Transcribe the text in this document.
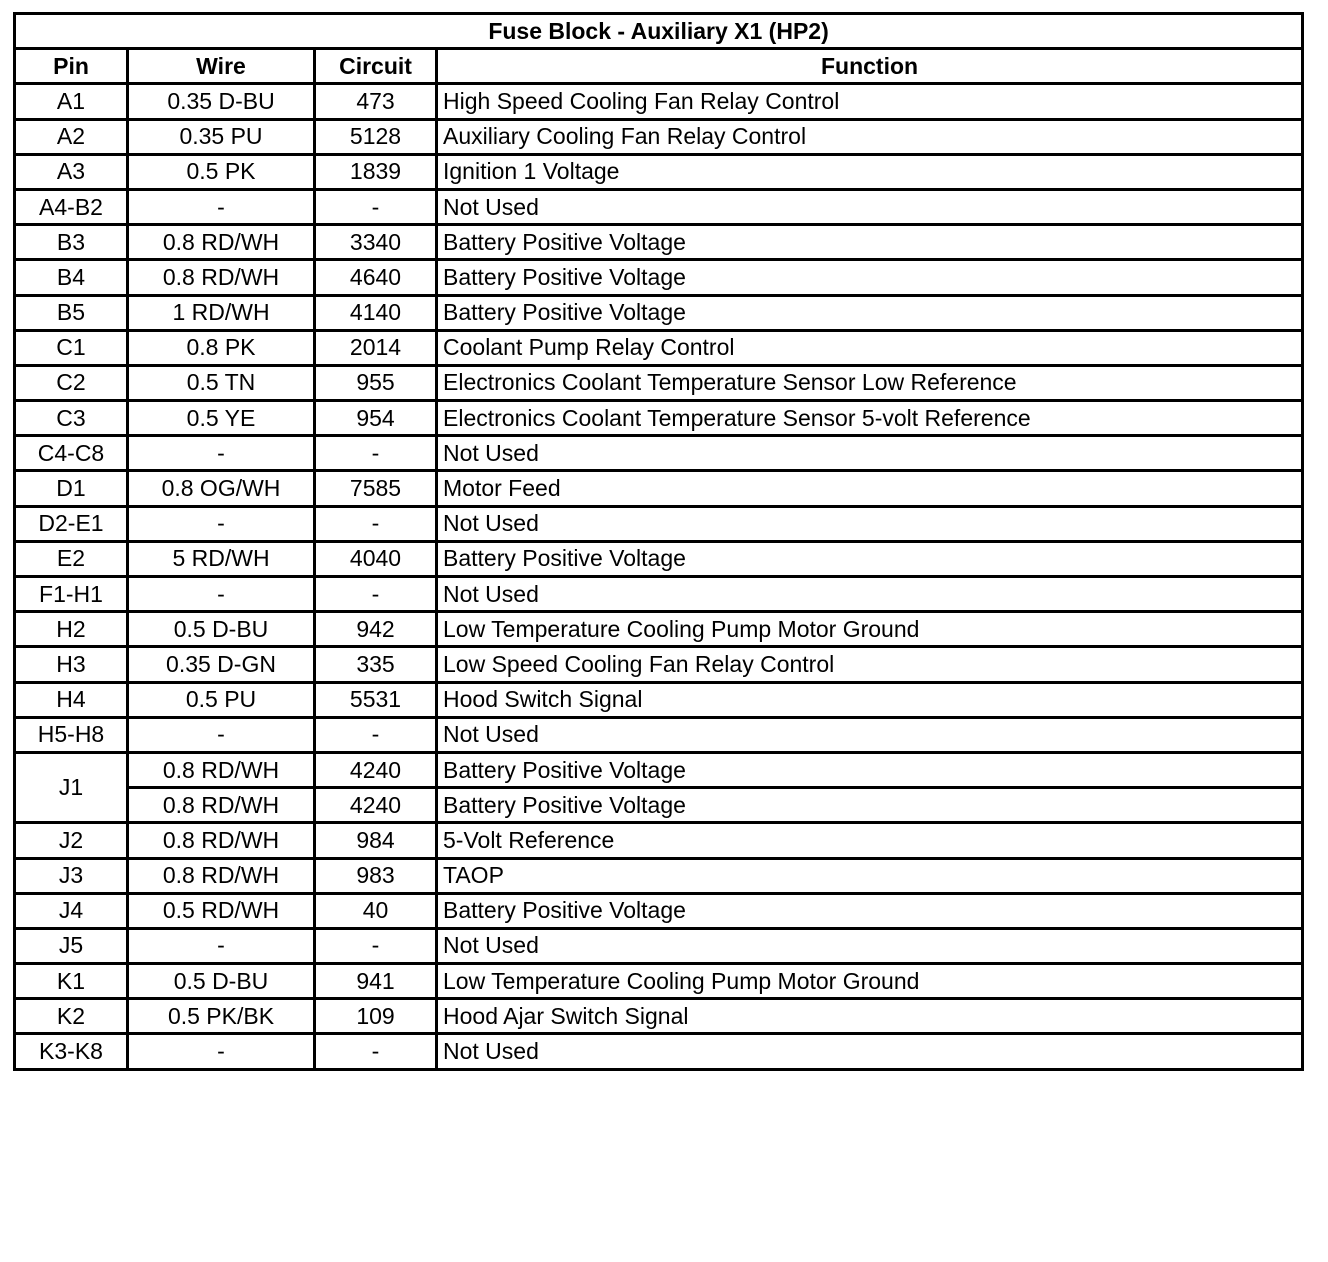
Fuse Block - Auxiliary X1 (HP2)			
Pin	Wire	Circuit	Function
A1	0.35 D-BU	473	High Speed Cooling Fan Relay Control
A2	0.35 PU	5128	Auxiliary Cooling Fan Relay Control
A3	0.5 PK	1839	Ignition 1 Voltage
A4-B2	-	-	Not Used
B3	0.8 RD/WH	3340	Battery Positive Voltage
B4	0.8 RD/WH	4640	Battery Positive Voltage
B5	1 RD/WH	4140	Battery Positive Voltage
C1	0.8 PK	2014	Coolant Pump Relay Control
C2	0.5 TN	955	Electronics Coolant Temperature Sensor Low Reference
C3	0.5 YE	954	Electronics Coolant Temperature Sensor 5-volt Reference
C4-C8	-	-	Not Used
D1	0.8 OG/WH	7585	Motor Feed
D2-E1	-	-	Not Used
E2	5 RD/WH	4040	Battery Positive Voltage
F1-H1	-	-	Not Used
H2	0.5 D-BU	942	Low Temperature Cooling Pump Motor Ground
H3	0.35 D-GN	335	Low Speed Cooling Fan Relay Control
H4	0.5 PU	5531	Hood Switch Signal
H5-H8	-	-	Not Used
J1	0.8 RD/WH	4240	Battery Positive Voltage
	0.8 RD/WH	4240	Battery Positive Voltage
J2	0.8 RD/WH	984	5-Volt Reference
J3	0.8 RD/WH	983	TAOP
J4	0.5 RD/WH	40	Battery Positive Voltage
J5	-	-	Not Used
K1	0.5 D-BU	941	Low Temperature Cooling Pump Motor Ground
K2	0.5 PK/BK	109	Hood Ajar Switch Signal
K3-K8	-	-	Not Used
